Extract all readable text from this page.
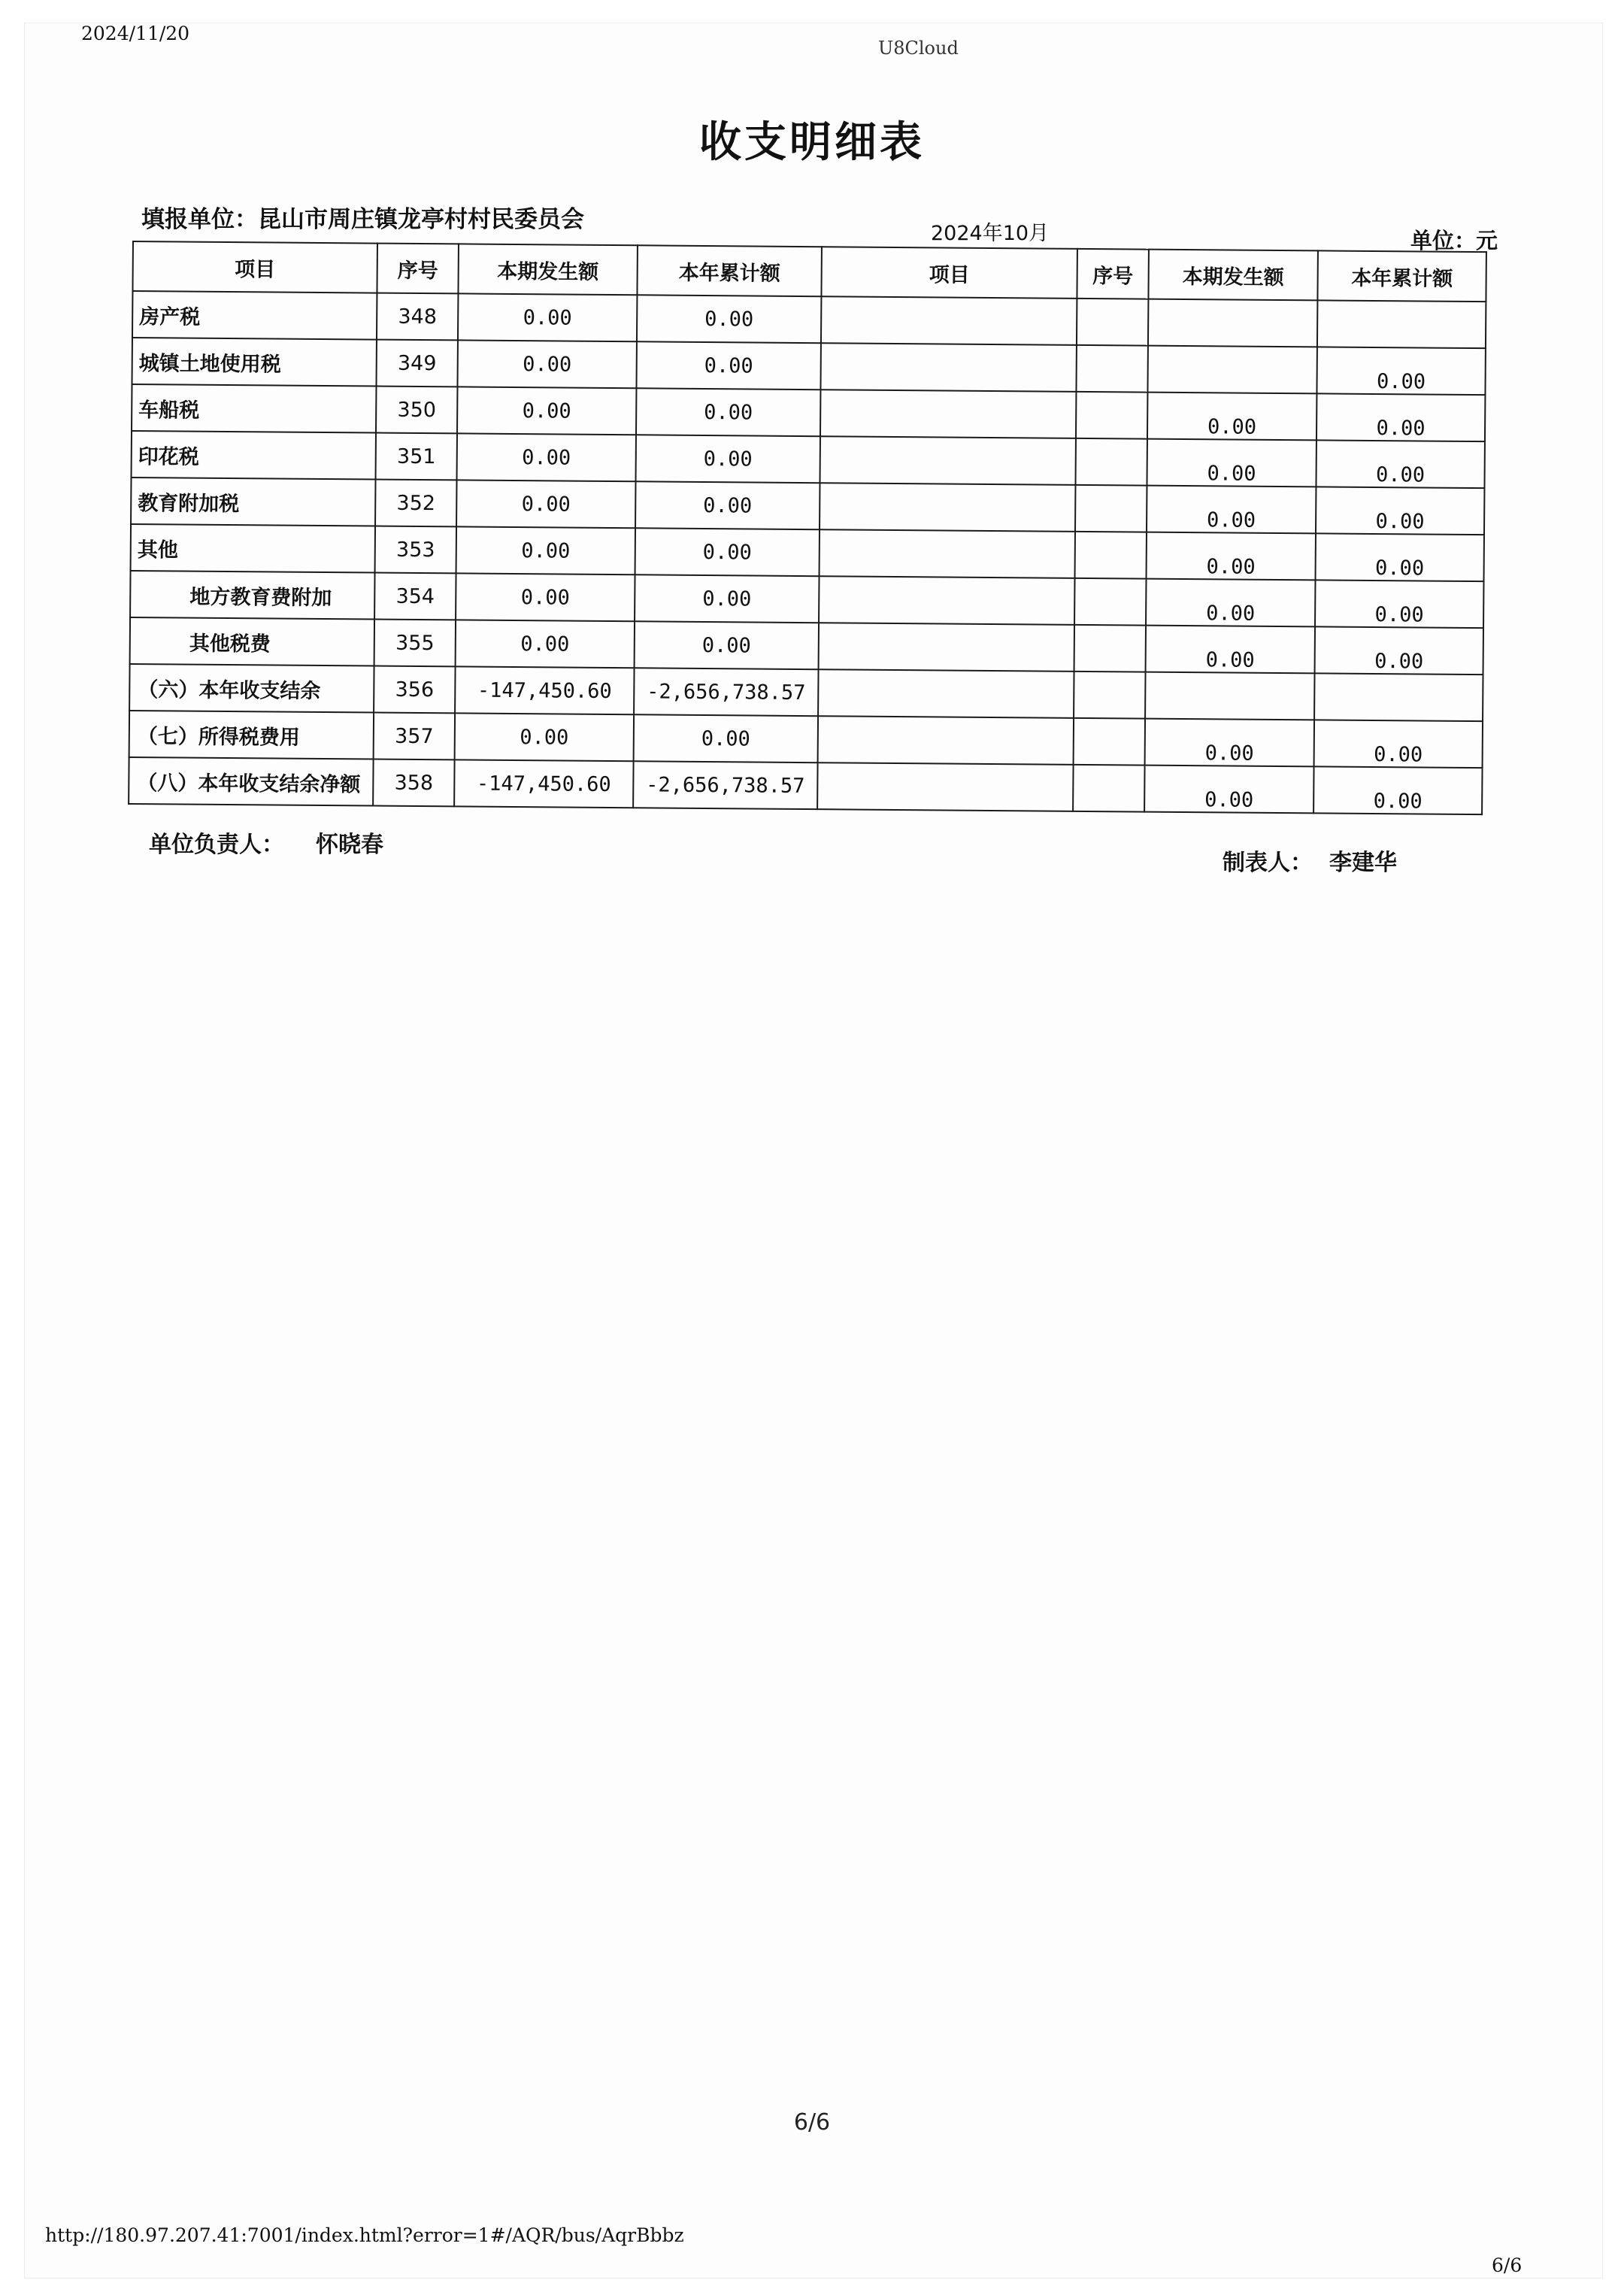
2024/11/20
U8Cloud
收支明细表
填报单位：昆山市周庄镇龙亭村村民委员会
2024年10月	单位：元
项目	序号	本期发生额	本年累计额	项目	序号	本期发生额	本年累计额
房产税	348	0.00	0.00				
城镇土地使用税	349	0.00	0.00				0.00
车船税	350	0.00	0.00			0.00	0.00
印花税	351	0.00	0.00			0.00	0.00
教育附加税	352	0.00	0.00			0.00	0.00
其他	353	0.00	0.00			0.00	0.00
地方教育费附加	354	0.00	0.00			0.00	0.00
其他税费	355	0.00	0.00			0.00	0.00
（六）本年收支结余	356	-147,450.60	-2,656,738.57				
（七）所得税费用	357	0.00	0.00			0.00	0.00
（八）本年收支结余净额	358	-147,450.60	-2,656,738.57			0.00	0.00
单位负责人： 怀晓春
制表人： 李建华
6/6
http://180.97.207.41:7001/index.html?error=1#/AQR/bus/AqrBbbz
6/6
